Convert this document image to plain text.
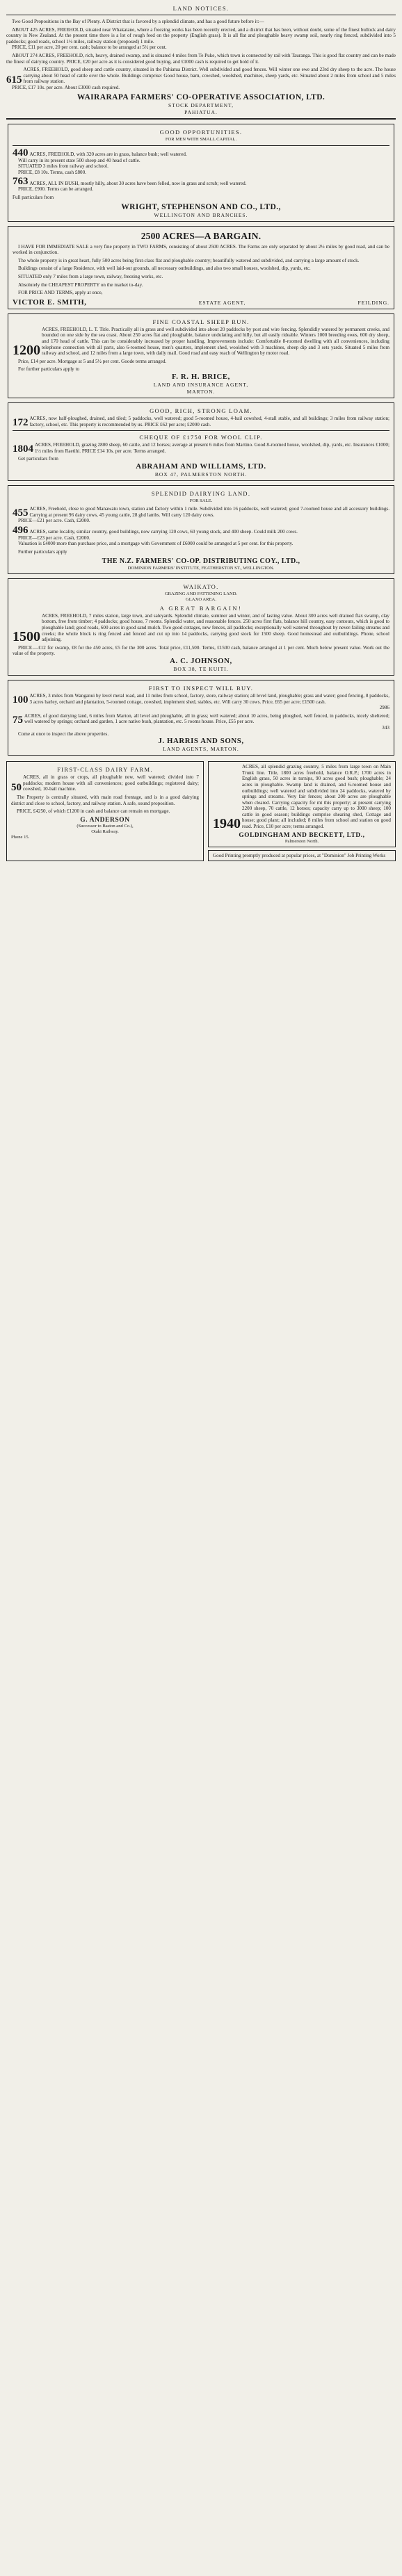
LAND NOTICES.

Two Good Propositions in the Bay of Plenty. A District that is favored by a splendid climate, and has a good future before it:—

ABOUT 425 ACRES, FREEHOLD, situated near Whakatane, where a freezing works has been recently erected, and a district that has been, without doubt, some of the finest bullock and dairy country in New Zealand. At the present time there is a lot of rough feed on the property (English grass). It is all flat and ploughable heavy swamp soil, nearly ring fenced, subdivided into 5 paddocks; good roads, school 1½ miles, railway station (proposed) 1 mile.

PRICE, £11 per acre, 20 per cent. cash; balance to be arranged at 5½ per cent.

ABOUT 274 ACRES, FREEHOLD, rich, heavy, drained swamp, and is situated 4 miles from Te Puke, which town is connected by rail with Tauranga. This is good flat country and can be made the finest of dairying country. PRICE, £20 per acre as it is considered good buying, and £1000 cash is required to get hold of it.

615
ACRES, FREEHOLD, good sheep and cattle country, situated in the Pahiatua District. Well subdivided and good fences. Will winter one ewe and 23rd dry sheep to the acre. The house carrying about 50 head of cattle over the whole. Buildings comprise: Good house, barn, cowshed, woolshed, machines, sheep yards, etc. Situated about 2 miles from school and 5 miles from railway station.

PRICE, £17 10s. per acre. About £3000 cash required.

WAIRARAPA FARMERS' CO-OPERATIVE ASSOCIATION, LTD.
STOCK DEPARTMENT,
PAHIATUA.
GOOD OPPORTUNITIES.
FOR MEN WITH SMALL CAPITAL.
440 ACRES, FREEHOLD, with 320 acres are in grass, balance bush; well watered.

Will carry in its present state 500 sheep and 40 head of cattle.

SITUATED 3 miles from railway and school.

PRICE, £8 10s. Terms, cash £800.

763 ACRES, ALL IN BUSH, mostly hilly, about 30 acres have been felled, now in grass and scrub; well watered.

PRICE, £900. Terms can be arranged.

Full particulars from

WRIGHT, STEPHENSON AND CO., LTD.,
WELLINGTON AND BRANCHES.
2500 ACRES—A BARGAIN.

I HAVE FOR IMMEDIATE SALE a very fine property in TWO FARMS, consisting of about 2500 ACRES. The Farms are only separated by about 2½ miles by good road, and can be worked in conjunction.

The whole property is in great heart, fully 500 acres being first-class flat and ploughable country; beautifully watered and subdivided, and carrying a large amount of stock.

Buildings consist of a large Residence, with well laid-out grounds, all necessary outbuildings, and also two small houses, woolshed, dip, yards, etc.

SITUATED only 7 miles from a large town, railway, freezing works, etc.

Absolutely the CHEAPEST PROPERTY on the market to-day.

FOR PRICE AND TERMS, apply at once,

VICTOR E. SMITH,	ESTATE AGENT,	FEILDING.
FINE COASTAL SHEEP RUN.
1200
ACRES, FREEHOLD, L. T. Title. Practically all in grass and well subdivided into about 20 paddocks by post and wire fencing. Splendidly watered by permanent creeks, and bounded on one side by the sea coast. About 250 acres flat and ploughable, balance undulating and hilly, but all easily rideable. Winters 1000 breeding ewes, 600 dry sheep, and 170 head of cattle. This can be considerably increased by proper handling. Improvements include: Comfortable 8-roomed dwelling with all conveniences, including telephone connection with all parts, also 6-roomed house, men's quarters, implement shed, woolshed with 3 machines, sheep dip and 3 sets yards. Situated 5 miles from railway and school, and 12 miles from a large town, with daily mail. Good road and easy reach of Wellington by motor road.

Price, £14 per acre. Mortgage at 5 and 5½ per cent. Goode terms arranged.

For further particulars apply to

F. R. H. BRICE,
LAND AND INSURANCE AGENT,
MARTON.
GOOD, RICH, STRONG LOAM.
172 ACRES, now half-ploughed, drained, and tiled; 5 paddocks, well watered; good 5-roomed house, 4-bail cowshed, 4-stall stable, and all buildings; 3 miles from railway station; factory, school, etc. This property is recommended by us. PRICE £62 per acre; £2000 cash.
CHEQUE OF £1750 FOR WOOL CLIP.
1804 ACRES, FREEHOLD, grazing 2800 sheep, 60 cattle, and 12 horses; average at present 6 miles from Martino. Good 8-roomed house, woolshed, dip, yards, etc. Insurances £1000; 1½ miles from Raetihi. PRICE £14 10s. per acre. Terms arranged.

Get particulars from

ABRAHAM AND WILLIAMS, LTD.
BOX 47, PALMERSTON NORTH.
SPLENDID DAIRYING LAND.
FOR SALE.
455 ACRES, Freehold, close to good Manawatu town, station and factory within 1 mile. Subdivided into 16 paddocks, well watered; good 7-roomed house and all accessory buildings. Carrying at present 96 dairy cows, 45 young cattle, 28 ghd lambs. Will carry 120 dairy cows.

PRICE—£21 per acre. Cash, £2000.

496 ACRES, same locality, similar country, good buildings, now carrying 120 cows, 60 young stock, and 400 sheep. Could milk 200 cows.

PRICE—£23 per acre. Cash, £2000.

Valuation is £4000 more than purchase price, and a mortgage with Government of £6000 could be arranged at 5 per cent. for this property.

Further particulars apply

THE N.Z. FARMERS' CO-OP. DISTRIBUTING COY., LTD.,
DOMINION FARMERS' INSTITUTE, FEATHERSTON ST., WELLINGTON.
WAIKATO.
GRAZING AND FATTENING LAND.
GLAXO AREA.
A GREAT BARGAIN!
1500
ACRES, FREEHOLD, 7 miles station, large town, and saleyards. Splendid climate, summer and winter, and of lasting value. About 300 acres well drained flax swamp, clay bottom, free from timber; 4 paddocks; good house, 7 rooms. Splendid water, and reasonable fences. 250 acres first flats, balance hill country, easy contours, which is good to ploughable land; good roads, 600 acres in good sand mulch. Two good cottages, new fences, all paddocks; exceptionally well watered throughout by never-failing streams and creeks; the whole block is ring fenced and fenced and cut up into 14 paddocks, carrying good stock for 1500 sheep. Good homestead and outbuildings. Phone, school adjoining.

PRICE.—£12 for swamp, £8 for the 450 acres, £5 for the 300 acres. Total price, £11,500. Terms, £1500 cash, balance arranged at 1 per cent. Much below present value. Work out the value of the property.

A. C. JOHNSON,
BOX 38, TE KUITI.
FIRST TO INSPECT WILL BUY.
100 ACRES, 3 miles from Wanganui by level metal road, and 11 miles from school, factory, store, railway station; all level land, ploughable; grass and water; good fencing, 8 paddocks, 3 acres barley, orchard and plantation, 5-roomed cottage, cowshed, implement shed, stables, etc. Will carry 30 cows. Price, £65 per acre; £1500 cash.

2986

75 ACRES, of good dairying land, 6 miles from Marton, all level and ploughable, all in grass; well watered; about 10 acres, being ploughed, well fenced, in paddocks, nicely sheltered; well watered by springs; orchard and garden, 1 acre native bush, plantation, etc. 5 rooms house. Price, £55 per acre.

343

Come at once to inspect the above properties.

J. HARRIS AND SONS,
LAND AGENTS, MARTON.
FIRST-CLASS DAIRY FARM.
50
ACRES, all in grass or crops, all ploughable new, well watered; divided into 7 paddocks; modern house with all conveniences; good outbuildings; registered dairy; cowshed, 10-bail machine.

The Property is centrally situated, with main road frontage, and is in a good dairying district and close to school, factory, and railway station. A safe, sound proposition.

PRICE, £4250, of which £1200 in cash and balance can remain on mortgage.

G. ANDERSON
(Successor to Baston and Co.),
Otaki Railway.
Phone 15.
1940
ACRES, all splendid grazing country, 5 miles from large town on Main Trunk line. Title, 1800 acres freehold, balance O.R.P.; 1700 acres in English grass, 50 acres in turnips, 90 acres good bush; ploughable; 24 acres in ploughable. Swamp land is drained, and 6-roomed house and outbuildings; well watered and subdivided into 24 paddocks, watered by springs and streams. Very fair fences; about 200 acres are ploughable when cleared. Carrying capacity for mt this property; at present carrying 2200 sheep, 70 cattle, 12 horses; capacity carry up to 3000 sheep; 100 cattle in good season; buildings comprise shearing shed, Cottage and house; good plant; all included; 8 miles from school and station on good road. Price, £10 per acre; terms arranged.
GOLDINGHAM AND BECKETT, LTD.,
Palmerston North.

Good Printing promptly produced at popular prices, at "Dominion" Job Printing Works
